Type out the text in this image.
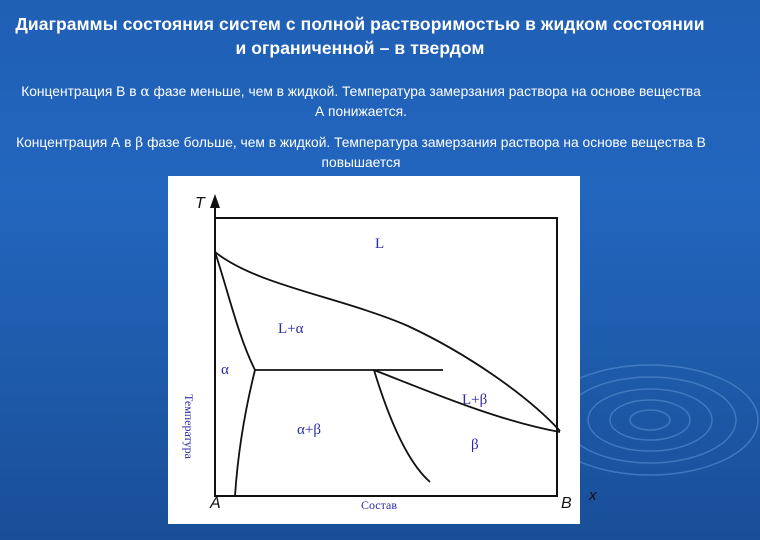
Диаграммы состояния систем с полной растворимостью в жидком состоянии и ограниченной – в твердом
Концентрация В в α фазе меньше, чем в жидкой. Температура замерзания раствора на основе вещества А понижается.
Концентрация А в β фазе больше, чем в жидкой. Температура замерзания раствора на основе вещества В повышается
L
L+α
α
L+β
α+β
β
T
x
A	B
Температура
Состав
